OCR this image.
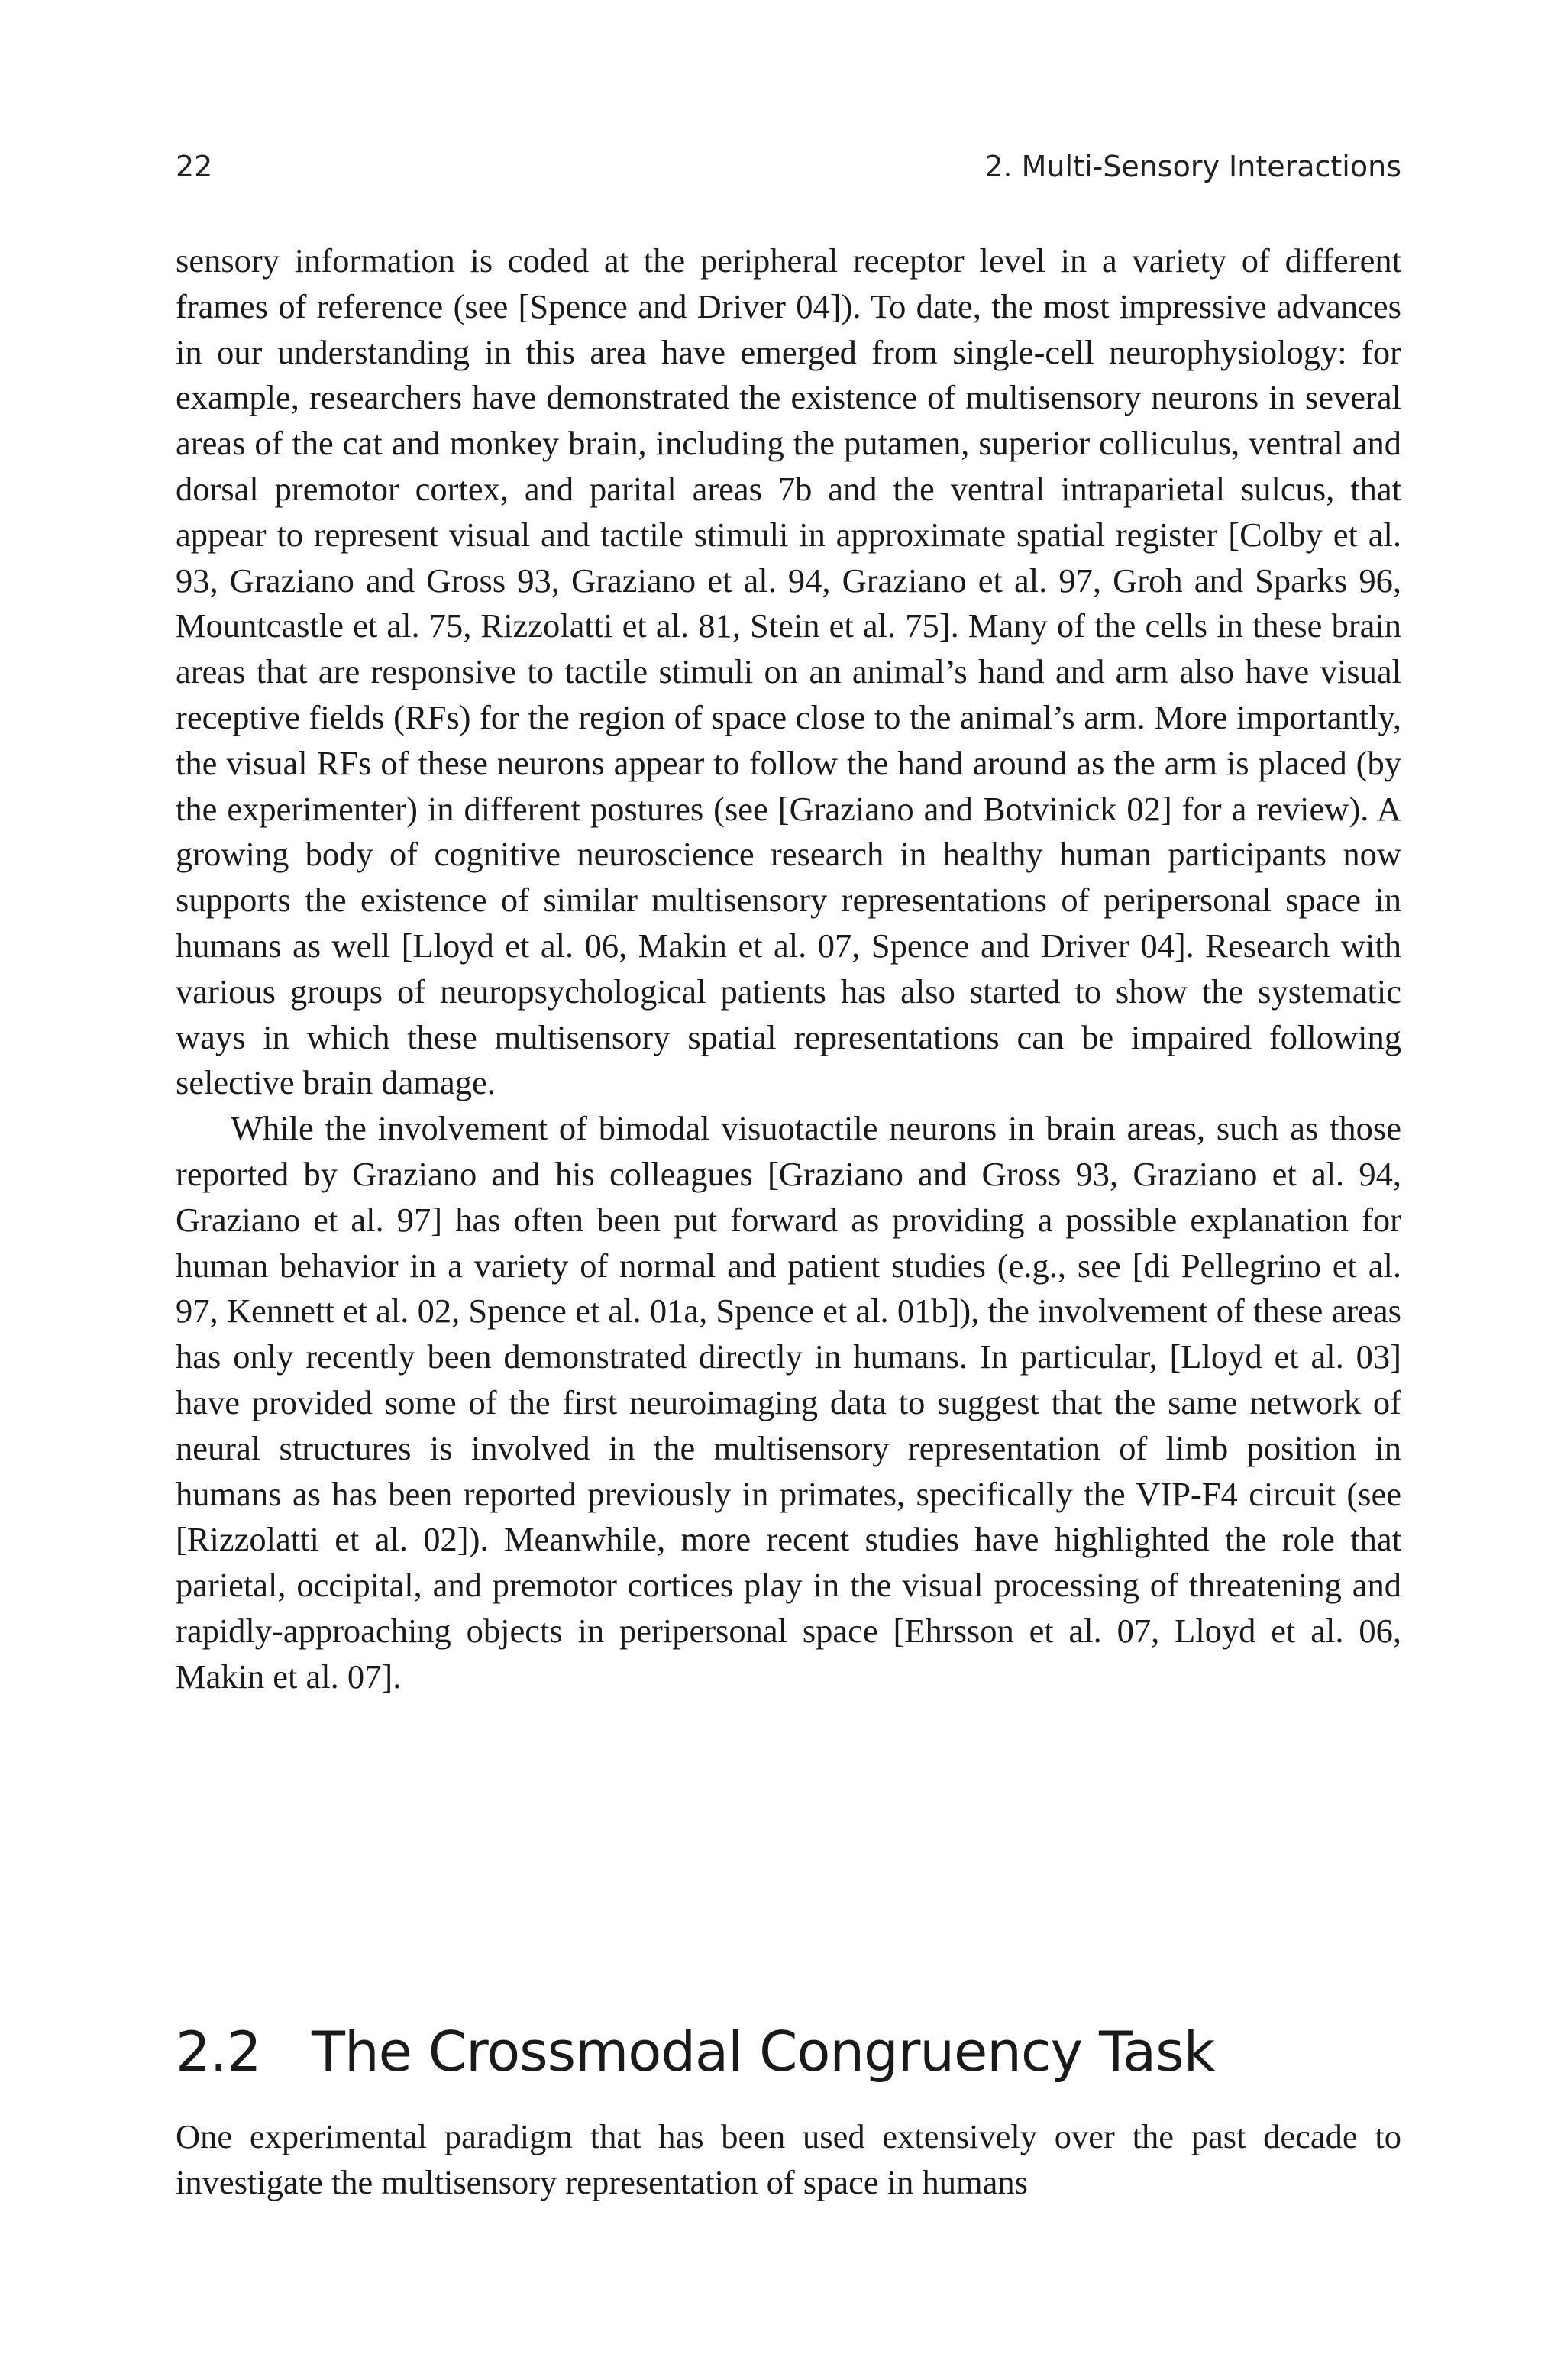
22	2. Multi-Sensory Interactions

sensory information is coded at the peripheral receptor level in a variety of different frames of reference (see [Spence and Driver 04]). To date, the most impressive advances in our understanding in this area have emerged from single-cell neurophysiology: for example, researchers have demonstrated the existence of multisensory neurons in several areas of the cat and monkey brain, including the putamen, superior colliculus, ventral and dorsal premotor cortex, and parital areas 7b and the ventral intraparietal sulcus, that appear to represent visual and tactile stimuli in approximate spatial register [Colby et al. 93, Graziano and Gross 93, Graziano et al. 94, Graziano et al. 97, Groh and Sparks 96, Mountcastle et al. 75, Rizzolatti et al. 81, Stein et al. 75]. Many of the cells in these brain areas that are responsive to tactile stimuli on an animal’s hand and arm also have visual receptive fields (RFs) for the region of space close to the animal’s arm. More importantly, the visual RFs of these neurons appear to follow the hand around as the arm is placed (by the experimenter) in different postures (see [Graziano and Botvinick 02] for a review). A growing body of cognitive neuroscience research in healthy human participants now supports the existence of similar multisensory representations of peripersonal space in humans as well [Lloyd et al. 06, Makin et al. 07, Spence and Driver 04]. Research with various groups of neuropsychological patients has also started to show the systematic ways in which these multisensory spatial representations can be impaired following selective brain damage.

While the involvement of bimodal visuotactile neurons in brain areas, such as those reported by Graziano and his colleagues [Graziano and Gross 93, Graziano et al. 94, Graziano et al. 97] has often been put forward as providing a possible explanation for human behavior in a variety of normal and patient studies (e.g., see [di Pellegrino et al. 97, Kennett et al. 02, Spence et al. 01a, Spence et al. 01b]), the involvement of these areas has only recently been demonstrated directly in humans. In particular, [Lloyd et al. 03] have provided some of the first neuroimaging data to suggest that the same network of neural structures is involved in the multisensory representation of limb position in humans as has been reported previously in primates, specifically the VIP-F4 circuit (see [Rizzolatti et al. 02]). Meanwhile, more recent studies have highlighted the role that parietal, occipital, and premotor cortices play in the visual processing of threatening and rapidly-approaching objects in peripersonal space [Ehrsson et al. 07, Lloyd et al. 06, Makin et al. 07].

2.2 The Crossmodal Congruency Task

One experimental paradigm that has been used extensively over the past decade to investigate the multisensory representation of space in humans
